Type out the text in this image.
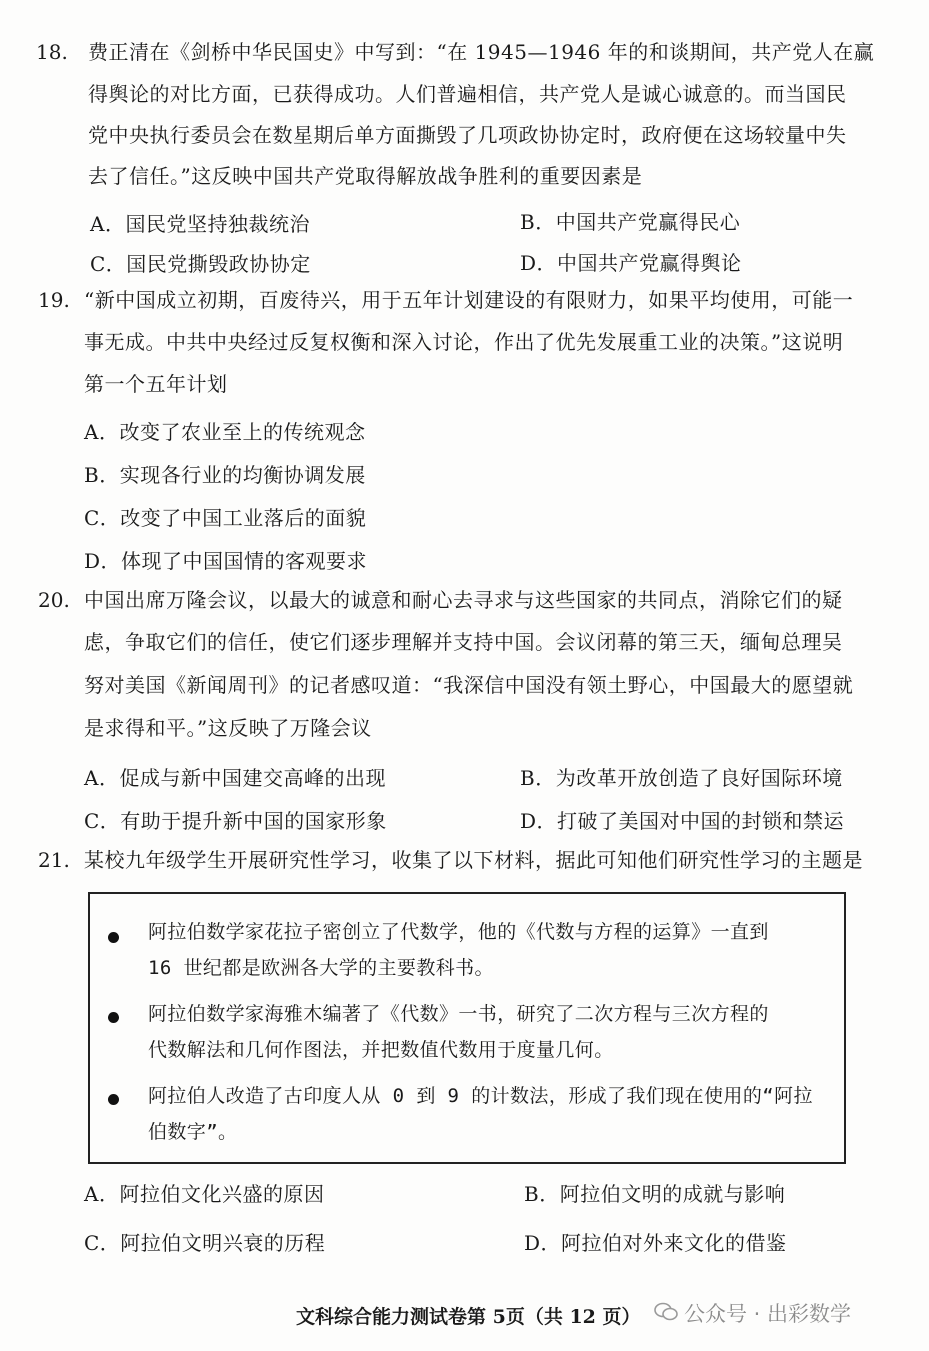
18. 费正清在《剑桥中华民国史》中写到：“在 1945—1946 年的和谈期间，共产党人在赢
得舆论的对比方面，已获得成功。人们普遍相信，共产党人是诚心诚意的。而当国民
党中央执行委员会在数星期后单方面撕毁了几项政协协定时，政府便在这场较量中失
去了信任。”这反映中国共产党取得解放战争胜利的重要因素是
A．国民党坚持独裁统治	B．中国共产党赢得民心
C．国民党撕毁政协协定	D．中国共产党赢得舆论
19. “新中国成立初期，百废待兴，用于五年计划建设的有限财力，如果平均使用，可能一
事无成。中共中央经过反复权衡和深入讨论，作出了优先发展重工业的决策。”这说明
第一个五年计划
A．改变了农业至上的传统观念
B．实现各行业的均衡协调发展
C．改变了中国工业落后的面貌
D．体现了中国国情的客观要求
20. 中国出席万隆会议，以最大的诚意和耐心去寻求与这些国家的共同点，消除它们的疑
虑，争取它们的信任，使它们逐步理解并支持中国。会议闭幕的第三天，缅甸总理吴
努对美国《新闻周刊》的记者感叹道：“我深信中国没有领土野心，中国最大的愿望就
是求得和平。”这反映了万隆会议
A．促成与新中国建交高峰的出现	B．为改革开放创造了良好国际环境
C．有助于提升新中国的国家形象	D．打破了美国对中国的封锁和禁运
21. 某校九年级学生开展研究性学习，收集了以下材料，据此可知他们研究性学习的主题是
阿拉伯数学家花拉子密创立了代数学，他的《代数与方程的运算》一直到
16 世纪都是欧洲各大学的主要教科书。
阿拉伯数学家海雅木编著了《代数》一书，研究了二次方程与三次方程的
代数解法和几何作图法，并把数值代数用于度量几何。
阿拉伯人改造了古印度人从 0 到 9 的计数法，形成了我们现在使用的“阿拉
伯数字”。
A．阿拉伯文化兴盛的原因	B．阿拉伯文明的成就与影响
C．阿拉伯文明兴衰的历程	D．阿拉伯对外来文化的借鉴
文科综合能力测试卷第 5页（共 12 页） 公众号 · 出彩数学
